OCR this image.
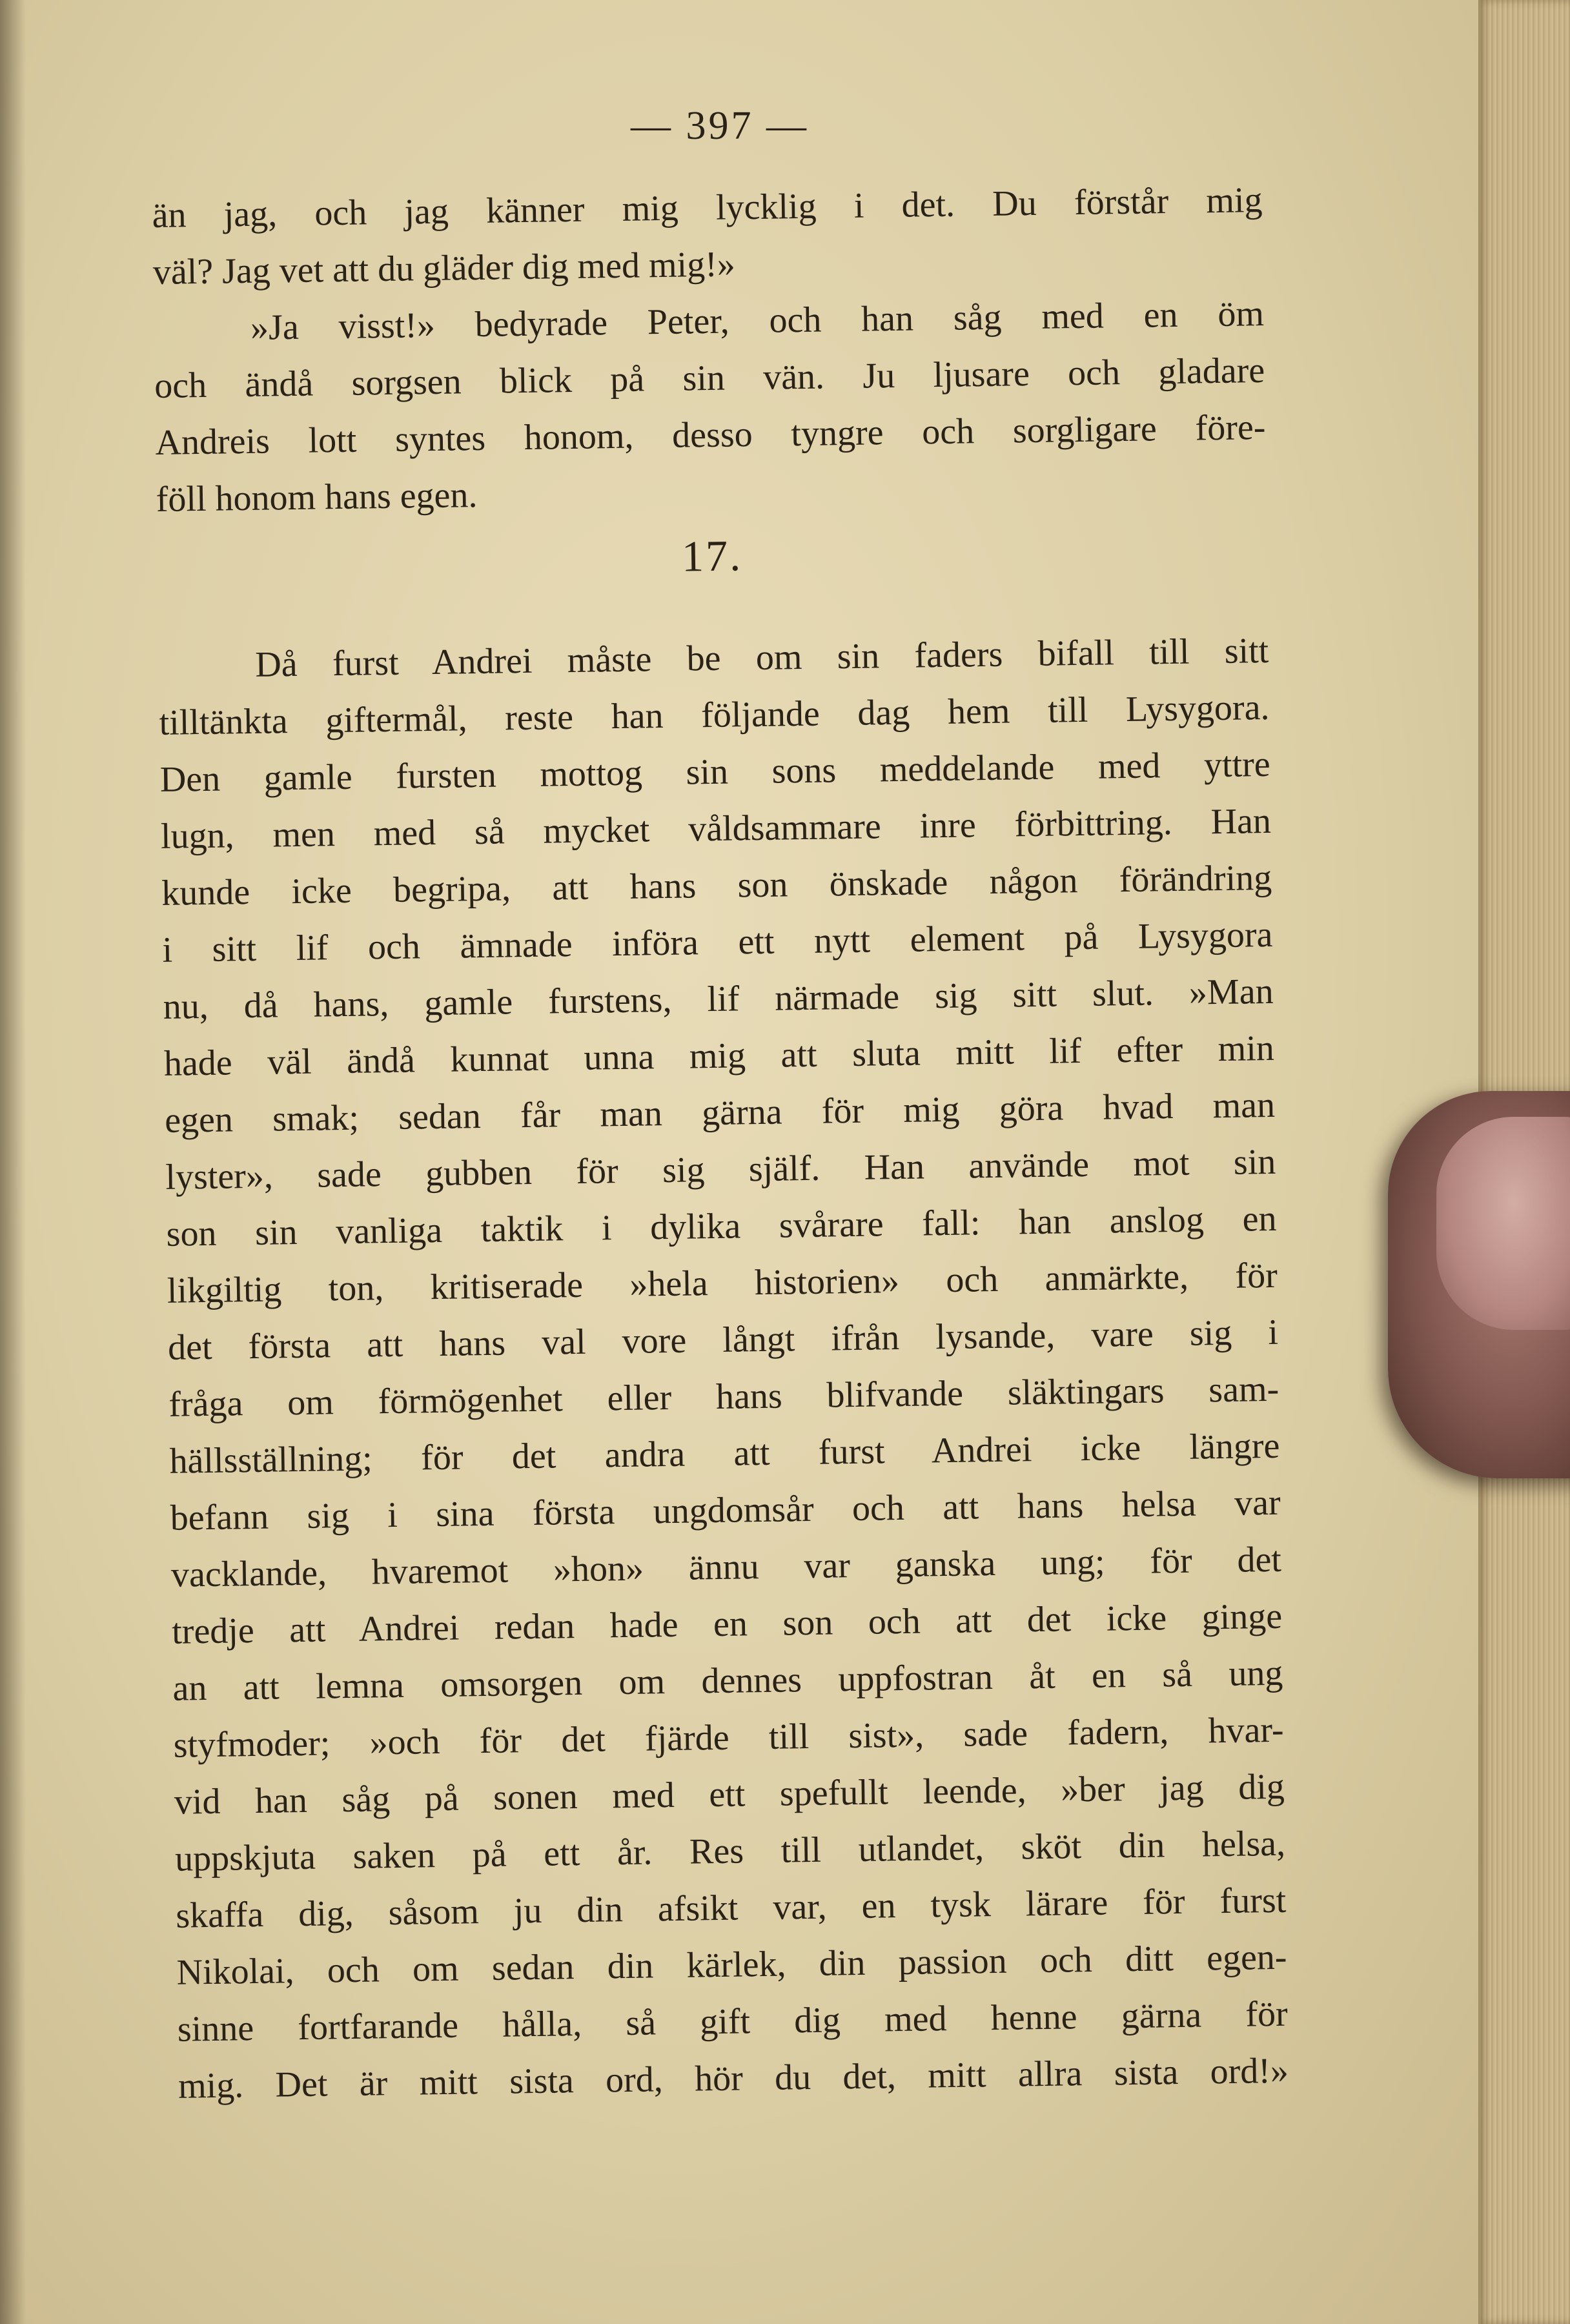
— 397 —
än jag, och jag känner mig lycklig i det. Du förstår mig
väl? Jag vet att du gläder dig med mig!»
»Ja visst!» bedyrade Peter, och han såg med en öm
och ändå sorgsen blick på sin vän. Ju ljusare och gladare
Andreis lott syntes honom, desso tyngre och sorgligare före-
föll honom hans egen.
17.
Då furst Andrei måste be om sin faders bifall till sitt
tilltänkta giftermål, reste han följande dag hem till Lysygora.
Den gamle fursten mottog sin sons meddelande med yttre
lugn, men med så mycket våldsammare inre förbittring. Han
kunde icke begripa, att hans son önskade någon förändring
i sitt lif och ämnade införa ett nytt element på Lysygora
nu, då hans, gamle furstens, lif närmade sig sitt slut. »Man
hade väl ändå kunnat unna mig att sluta mitt lif efter min
egen smak; sedan får man gärna för mig göra hvad man
lyster», sade gubben för sig själf. Han använde mot sin
son sin vanliga taktik i dylika svårare fall: han anslog en
likgiltig ton, kritiserade »hela historien» och anmärkte, för
det första att hans val vore långt ifrån lysande, vare sig i
fråga om förmögenhet eller hans blifvande släktingars sam-
hällsställning; för det andra att furst Andrei icke längre
befann sig i sina första ungdomsår och att hans helsa var
vacklande, hvaremot »hon» ännu var ganska ung; för det
tredje att Andrei redan hade en son och att det icke ginge
an att lemna omsorgen om dennes uppfostran åt en så ung
styfmoder; »och för det fjärde till sist», sade fadern, hvar-
vid han såg på sonen med ett spefullt leende, »ber jag dig
uppskjuta saken på ett år. Res till utlandet, sköt din helsa,
skaffa dig, såsom ju din afsikt var, en tysk lärare för furst
Nikolai, och om sedan din kärlek, din passion och ditt egen-
sinne fortfarande hålla, så gift dig med henne gärna för
mig. Det är mitt sista ord, hör du det, mitt allra sista ord!»
